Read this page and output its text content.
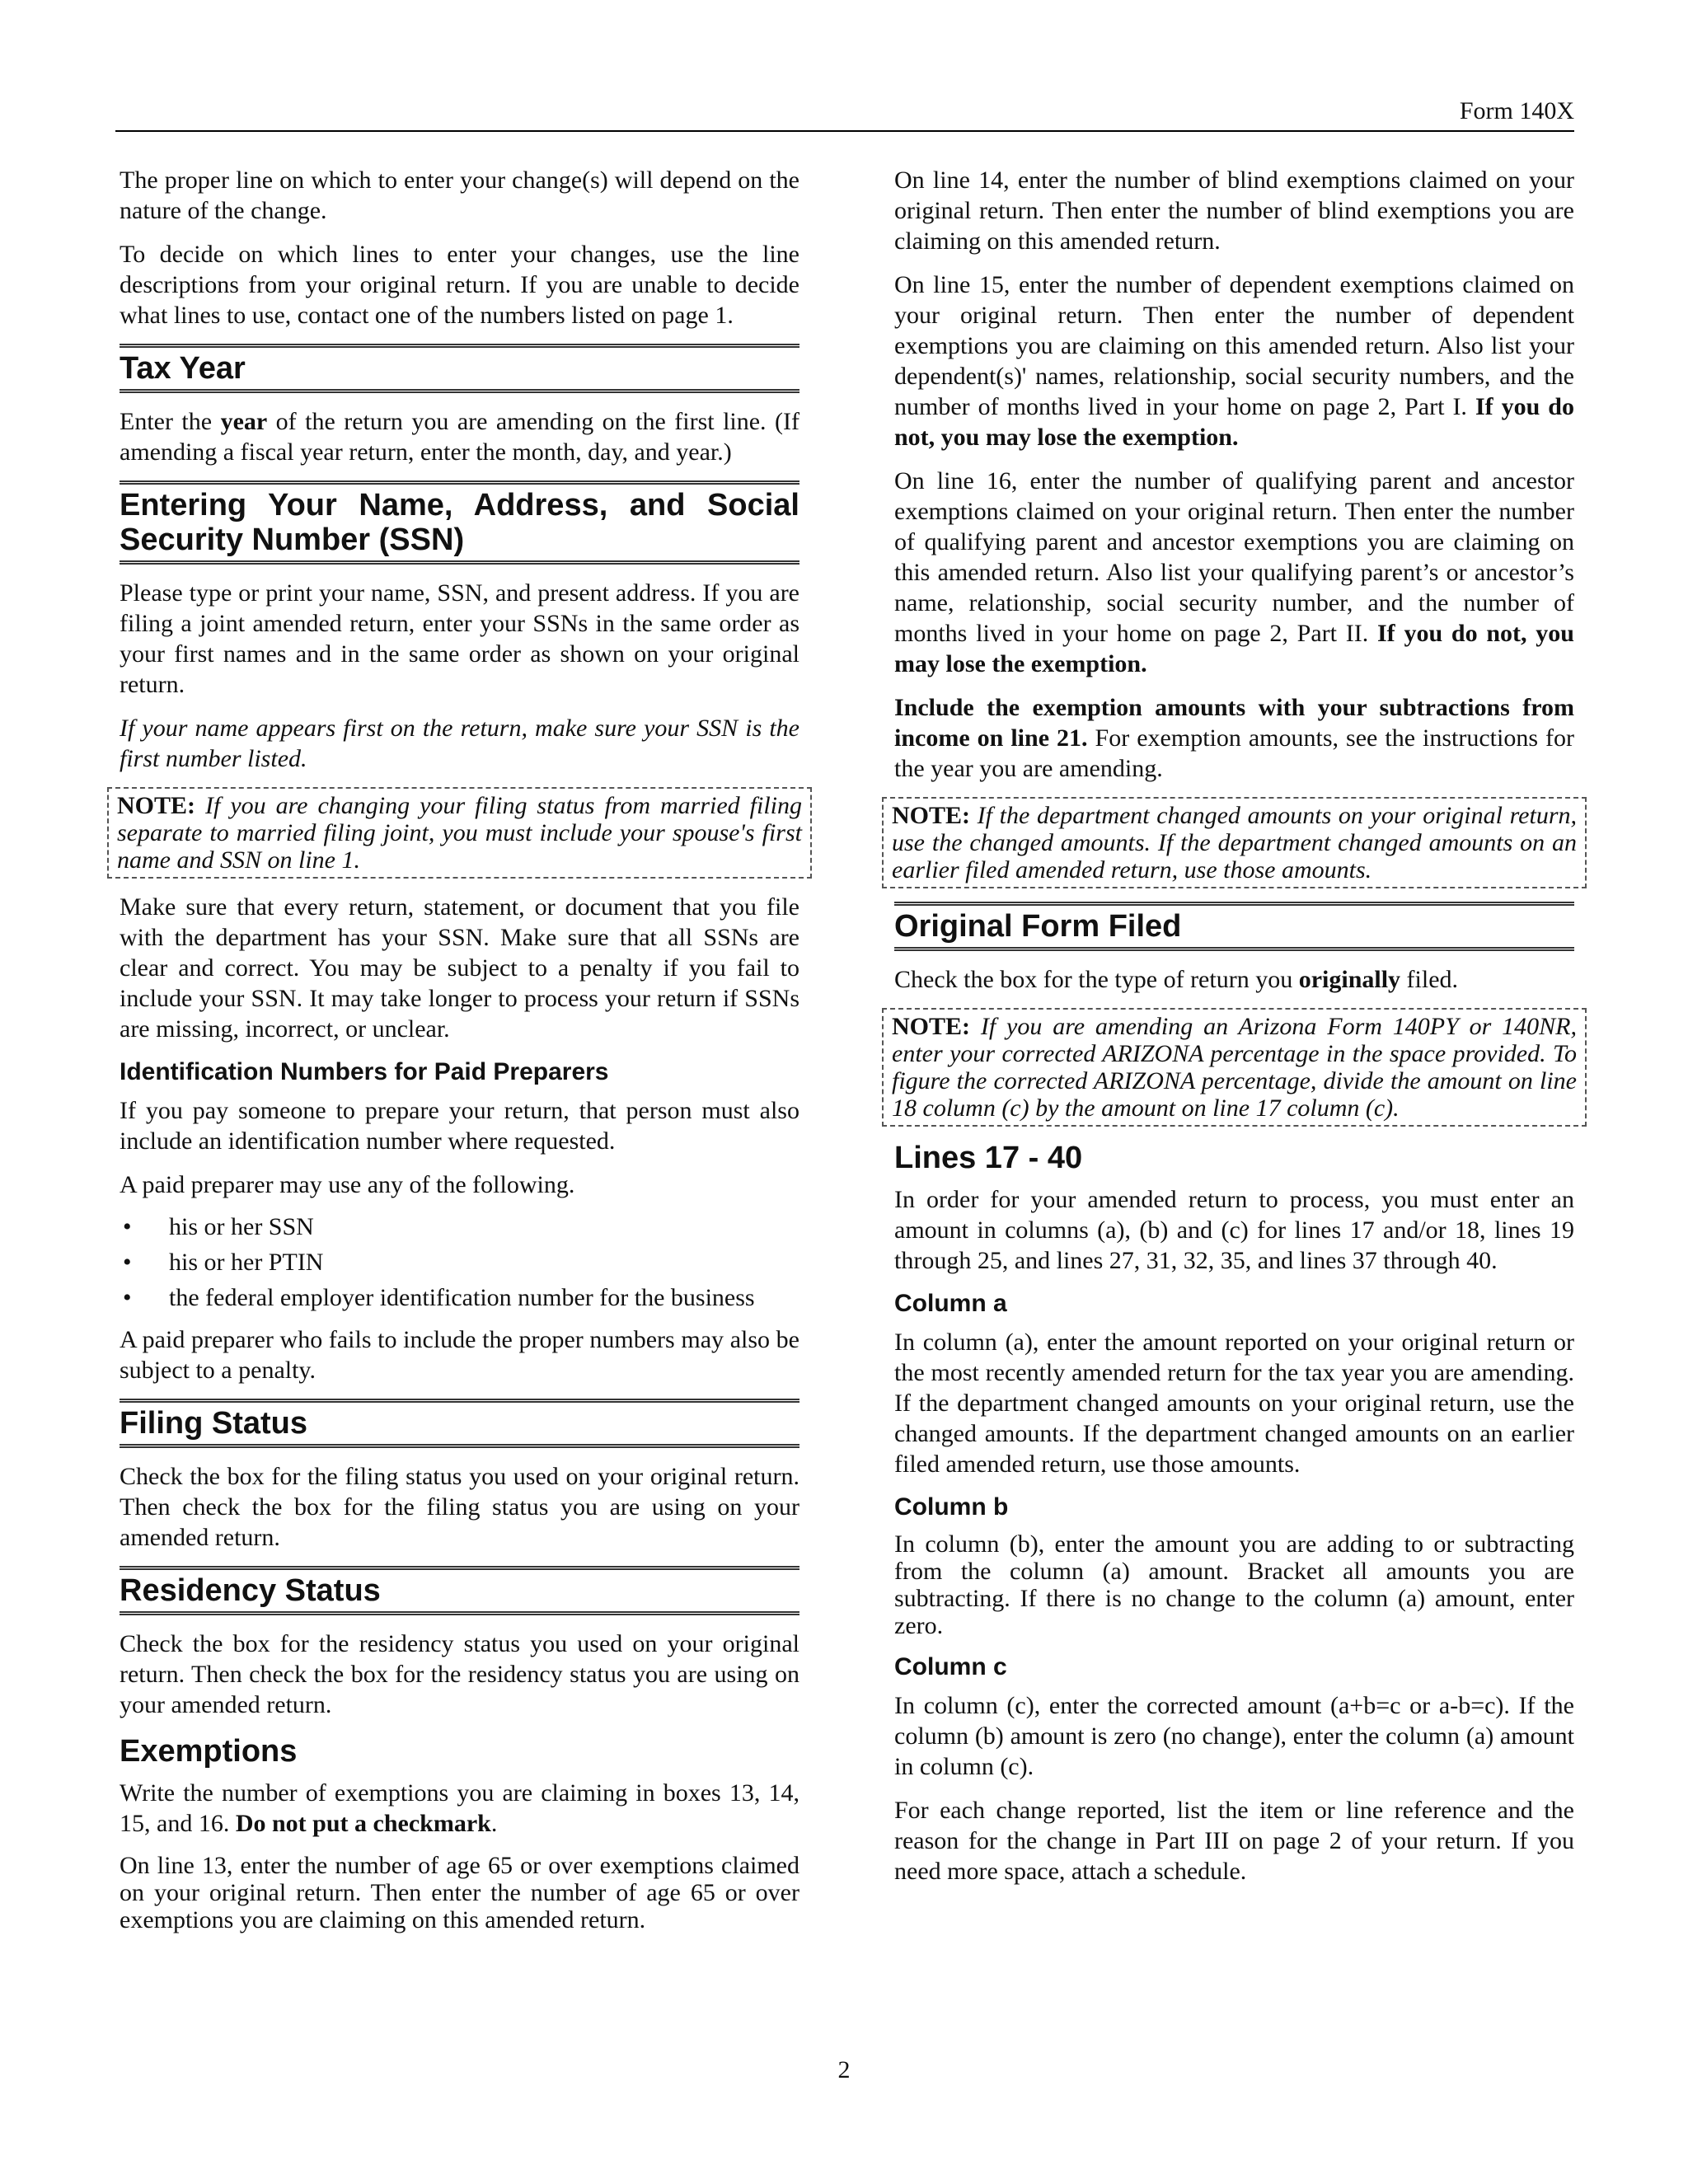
Form 140X

The proper line on which to enter your change(s) will depend on the nature of the change.

To decide on which lines to enter your changes, use the line descriptions from your original return. If you are unable to decide what lines to use, contact one of the numbers listed on page 1.

Tax Year

Enter the year of the return you are amending on the first line. (If amending a fiscal year return, enter the month, day, and year.)

Entering Your Name, Address, and Social Security Number (SSN)

Please type or print your name, SSN, and present address. If you are filing a joint amended return, enter your SSNs in the same order as your first names and in the same order as shown on your original return.

If your name appears first on the return, make sure your SSN is the first number listed.

NOTE: If you are changing your filing status from married filing separate to married filing joint, you must include your spouse's first name and SSN on line 1.

Make sure that every return, statement, or document that you file with the department has your SSN. Make sure that all SSNs are clear and correct. You may be subject to a penalty if you fail to include your SSN. It may take longer to process your return if SSNs are missing, incorrect, or unclear.

Identification Numbers for Paid Preparers

If you pay someone to prepare your return, that person must also include an identification number where requested.

A paid preparer may use any of the following.

• his or her SSN
• his or her PTIN
• the federal employer identification number for the business

A paid preparer who fails to include the proper numbers may also be subject to a penalty.

Filing Status

Check the box for the filing status you used on your original return. Then check the box for the filing status you are using on your amended return.

Residency Status

Check the box for the residency status you used on your original return. Then check the box for the residency status you are using on your amended return.

Exemptions

Write the number of exemptions you are claiming in boxes 13, 14, 15, and 16. Do not put a checkmark.

On line 13, enter the number of age 65 or over exemptions claimed on your original return. Then enter the number of age 65 or over exemptions you are claiming on this amended return.

On line 14, enter the number of blind exemptions claimed on your original return. Then enter the number of blind exemptions you are claiming on this amended return.

On line 15, enter the number of dependent exemptions claimed on your original return. Then enter the number of dependent exemptions you are claiming on this amended return. Also list your dependent(s)' names, relationship, social security numbers, and the number of months lived in your home on page 2, Part I. If you do not, you may lose the exemption.

On line 16, enter the number of qualifying parent and ancestor exemptions claimed on your original return. Then enter the number of qualifying parent and ancestor exemptions you are claiming on this amended return. Also list your qualifying parent’s or ancestor’s name, relationship, social security number, and the number of months lived in your home on page 2, Part II. If you do not, you may lose the exemption.

Include the exemption amounts with your subtractions from income on line 21. For exemption amounts, see the instructions for the year you are amending.

NOTE: If the department changed amounts on your original return, use the changed amounts. If the department changed amounts on an earlier filed amended return, use those amounts.
Original Form Filed

Check the box for the type of return you originally filed.

NOTE: If you are amending an Arizona Form 140PY or 140NR, enter your corrected ARIZONA percentage in the space provided. To figure the corrected ARIZONA percentage, divide the amount on line 18 column (c) by the amount on line 17 column (c).
Lines 17 - 40

In order for your amended return to process, you must enter an amount in columns (a), (b) and (c) for lines 17 and/or 18, lines 19 through 25, and lines 27, 31, 32, 35, and lines 37 through 40.

Column a

In column (a), enter the amount reported on your original return or the most recently amended return for the tax year you are amending. If the department changed amounts on your original return, use the changed amounts. If the department changed amounts on an earlier filed amended return, use those amounts.

Column b

In column (b), enter the amount you are adding to or subtracting from the column (a) amount. Bracket all amounts you are subtracting. If there is no change to the column (a) amount, enter zero.

Column c

In column (c), enter the corrected amount (a+b=c or a-b=c). If the column (b) amount is zero (no change), enter the column (a) amount in column (c).

For each change reported, list the item or line reference and the reason for the change in Part III on page 2 of your return. If you need more space, attach a schedule.

2
